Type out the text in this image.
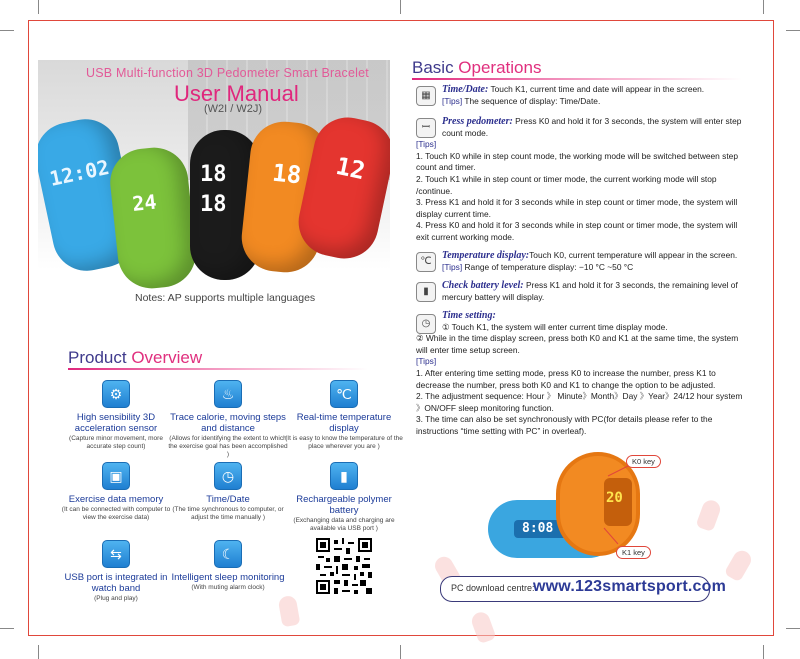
12:02
24
18 18
18 12
USB Multi-function 3D Pedometer Smart Bracelet
User Manual
(W2I / W2J)
Notes: AP supports multiple languages
Product Overview
⚙
High sensibility 3D acceleration sensor
(Capture minor movement, more accurate step count)
♨
Trace calorie, moving steps and distance
(Allows for identifying the extent to which the exercise goal has been accomplished )
℃
Real-time temperature display
(It is easy to know the temperature of the place wherever you are )
▣
Exercise data memory
(It can be connected with computer to view the exercise data)
◷
Time/Date
(The time synchronous to computer, or adjust the time manually )
▮
Rechargeable polymer battery
(Exchanging data and charging are available via USB port )
⇆
USB port is integrated in watch band
(Plug and play)
☾
Intelligent sleep monitoring
(With muting alarm clock)
Basic Operations
▦

Time/Date: Touch K1, current time and date will appear in the screen.

[Tips] The sequence of display: Time/Date.

ꟷ

Press pedometer: Press K0 and hold it for 3 seconds, the system will enter step count mode.

[Tips]

1. Touch K0 while in step count mode, the working mode will be switched between step count and timer.

2. Touch K1 while in step count or timer mode, the current working mode will stop /continue.

3. Press K1 and hold it for 3 seconds while in step count or timer mode, the system will display current time.

4. Press K0 and hold it for 3 seconds while in step count or timer mode, the system will exit current working mode.

℃

Temperature display:Touch K0, current temperature will appear in the screen.

[Tips] Range of temperature display: −10 °C ~50 °C

▮

Check battery level: Press K1 and hold it for 3 seconds, the remaining level of mercury battery will display.

◷

Time setting:

① Touch K1, the system will enter current time display mode.

② While in the time display screen, press both K0 and K1 at the same time, the system will enter time setup screen.

[Tips]

1. After entering time setting mode, press K0 to increase the number, press K1 to decrease the number, press both K0 and K1 to change the option to be adjusted.

2. The adjustment sequence: Hour 》 Minute》Month》Day 》Year》24/12 hour system 》ON/OFF sleep monitoring function.

3. The time can also be set synchronously with PC(for details please refer to the instructions “time setting with PC” in overleaf).

8:08
20
K0 key
K1 key
PC download centre:
www.123smartsport.com
